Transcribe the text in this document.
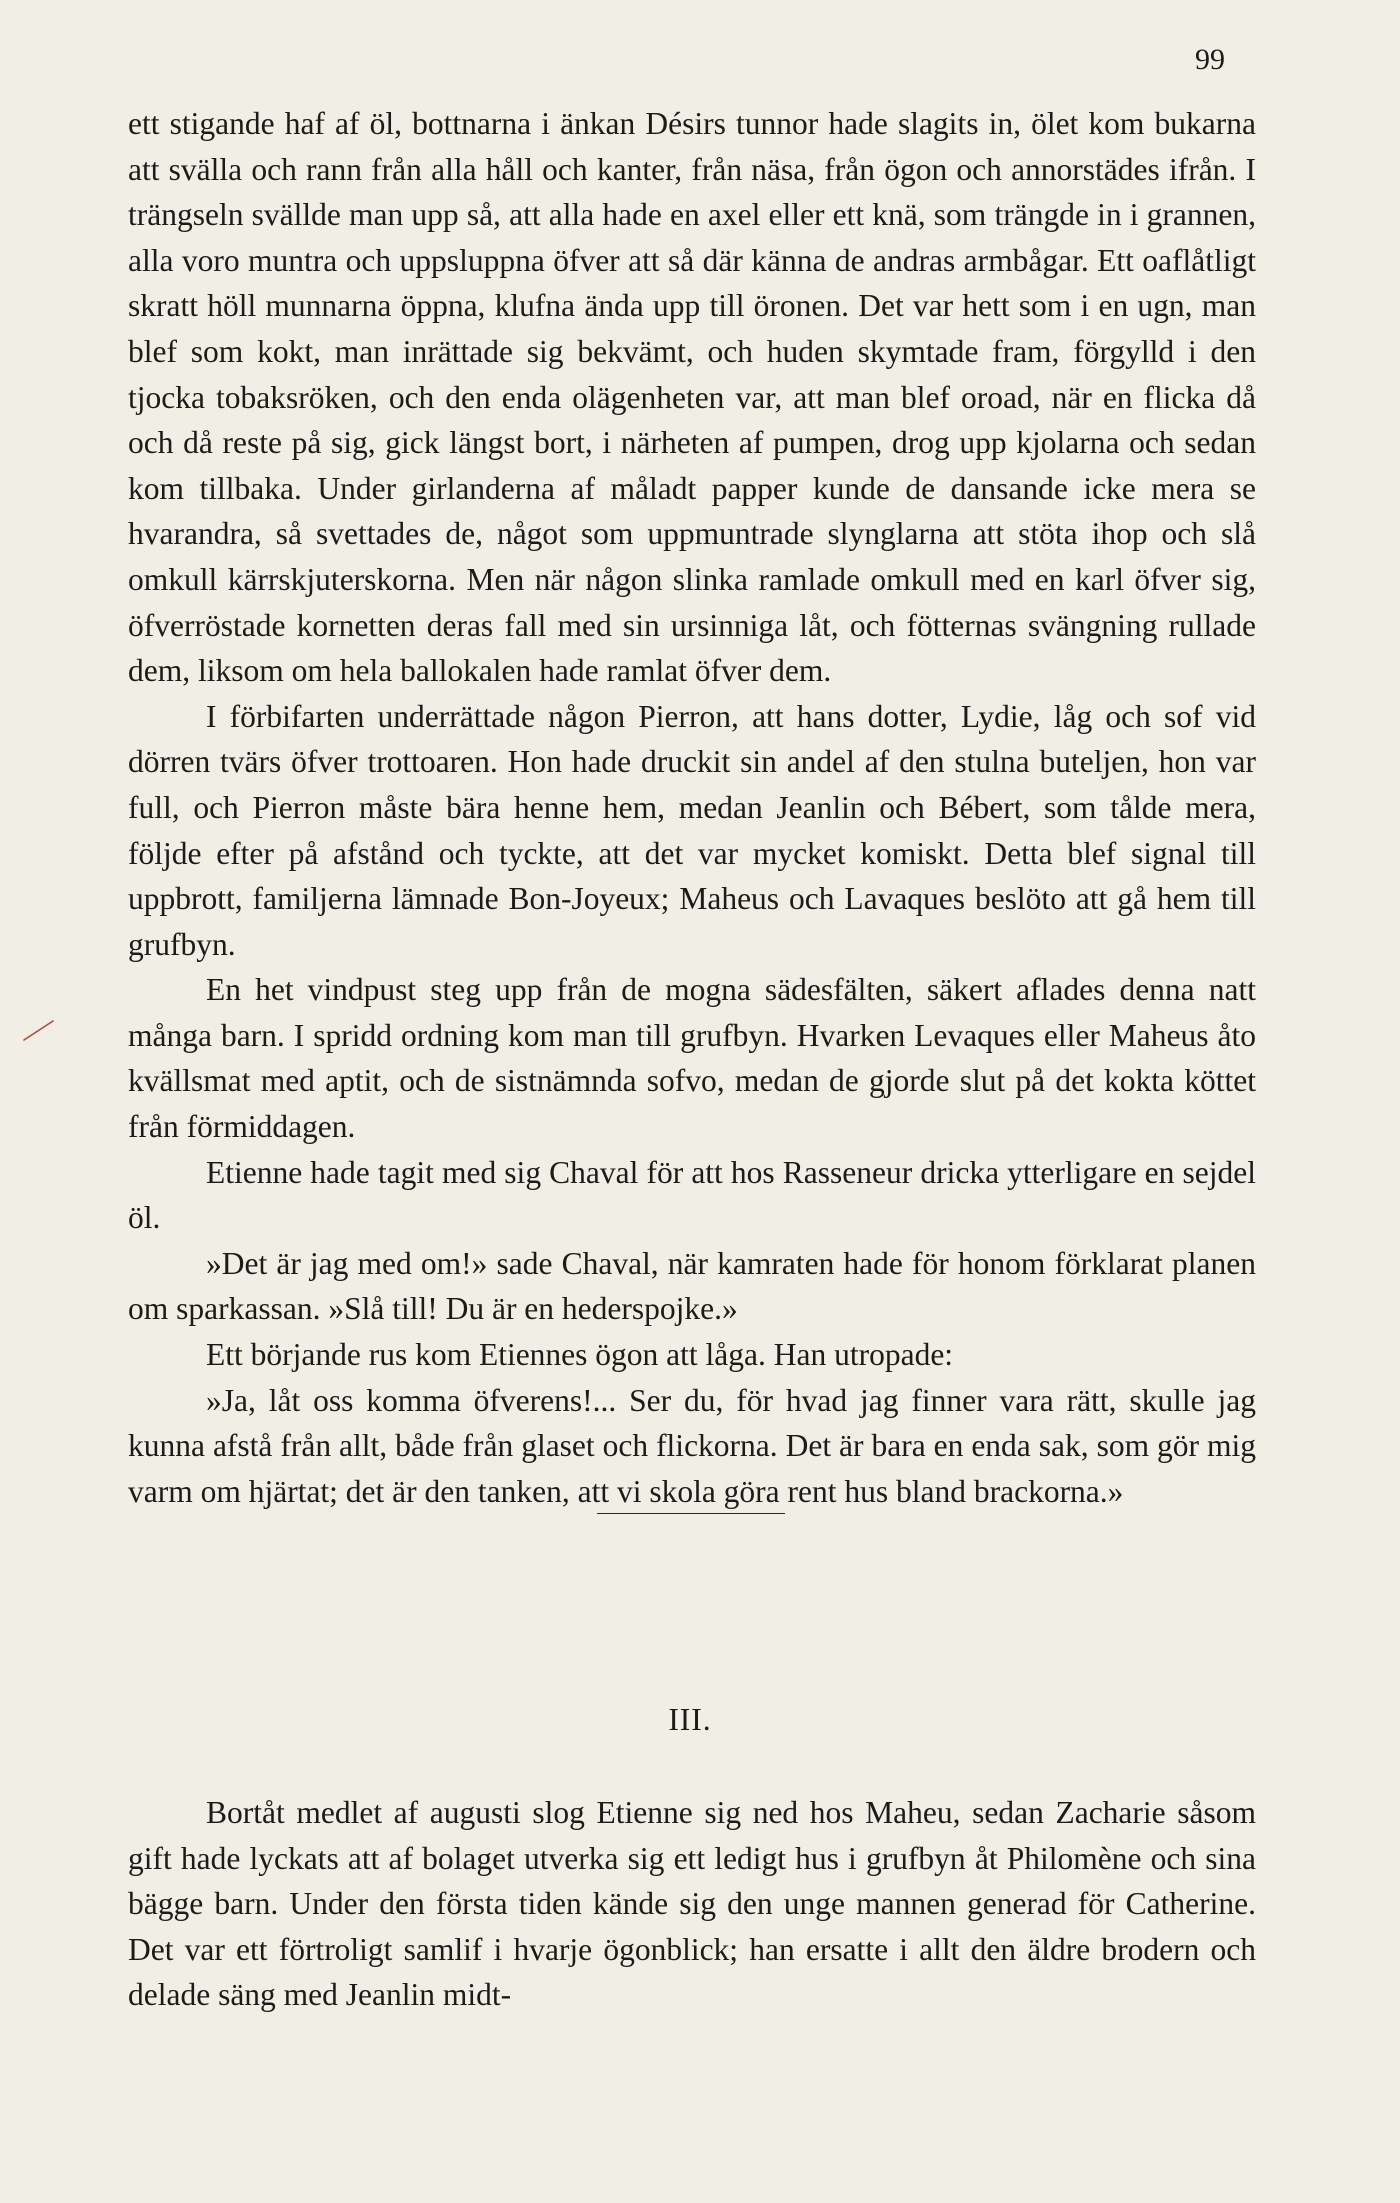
99

ett stigande haf af öl, bottnarna i änkan Désirs tunnor hade slagits in, ölet kom bukarna att svälla och rann från alla håll och kanter, från näsa, från ögon och annorstädes ifrån. I trängseln svällde man upp så, att alla hade en axel eller ett knä, som trängde in i grannen, alla voro muntra och uppsluppna öfver att så där känna de andras armbågar. Ett oaflåtligt skratt höll munnarna öppna, klufna ända upp till öronen. Det var hett som i en ugn, man blef som kokt, man inrättade sig bekvämt, och huden skymtade fram, förgylld i den tjocka tobaksröken, och den enda olägenheten var, att man blef oroad, när en flicka då och då reste på sig, gick längst bort, i närheten af pumpen, drog upp kjolarna och sedan kom tillbaka. Under girlanderna af måladt papper kunde de dansande icke mera se hvarandra, så svettades de, något som uppmuntrade slynglarna att stöta ihop och slå omkull kärrskjuterskorna. Men när någon slinka ramlade omkull med en karl öfver sig, öfverröstade kornetten deras fall med sin ursinniga låt, och fötternas svängning rullade dem, liksom om hela ballokalen hade ramlat öfver dem.

I förbifarten underrättade någon Pierron, att hans dotter, Lydie, låg och sof vid dörren tvärs öfver trottoaren. Hon hade druckit sin andel af den stulna buteljen, hon var full, och Pierron måste bära henne hem, medan Jeanlin och Bébert, som tålde mera, följde efter på afstånd och tyckte, att det var mycket komiskt. Detta blef signal till uppbrott, familjerna lämnade Bon-Joyeux; Maheus och Lavaques beslöto att gå hem till grufbyn.

En het vindpust steg upp från de mogna sädesfälten, säkert aflades denna natt många barn. I spridd ordning kom man till grufbyn. Hvarken Levaques eller Maheus åto kvällsmat med aptit, och de sistnämnda sofvo, medan de gjorde slut på det kokta köttet från förmiddagen.

Etienne hade tagit med sig Chaval för att hos Rasseneur dricka ytterligare en sejdel öl.

»Det är jag med om!» sade Chaval, när kamraten hade för honom förklarat planen om sparkassan. »Slå till! Du är en hederspojke.»

Ett börjande rus kom Etiennes ögon att låga. Han utropade:

»Ja, låt oss komma öfverens!... Ser du, för hvad jag finner vara rätt, skulle jag kunna afstå från allt, både från glaset och flickorna. Det är bara en enda sak, som gör mig varm om hjärtat; det är den tanken, att vi skola göra rent hus bland brackorna.»

III.

Bortåt medlet af augusti slog Etienne sig ned hos Maheu, sedan Zacharie såsom gift hade lyckats att af bolaget utverka sig ett ledigt hus i grufbyn åt Philomène och sina bägge barn. Under den första tiden kände sig den unge mannen generad för Catherine. Det var ett förtroligt samlif i hvarje ögonblick; han ersatte i allt den äldre brodern och delade säng med Jeanlin midt-
